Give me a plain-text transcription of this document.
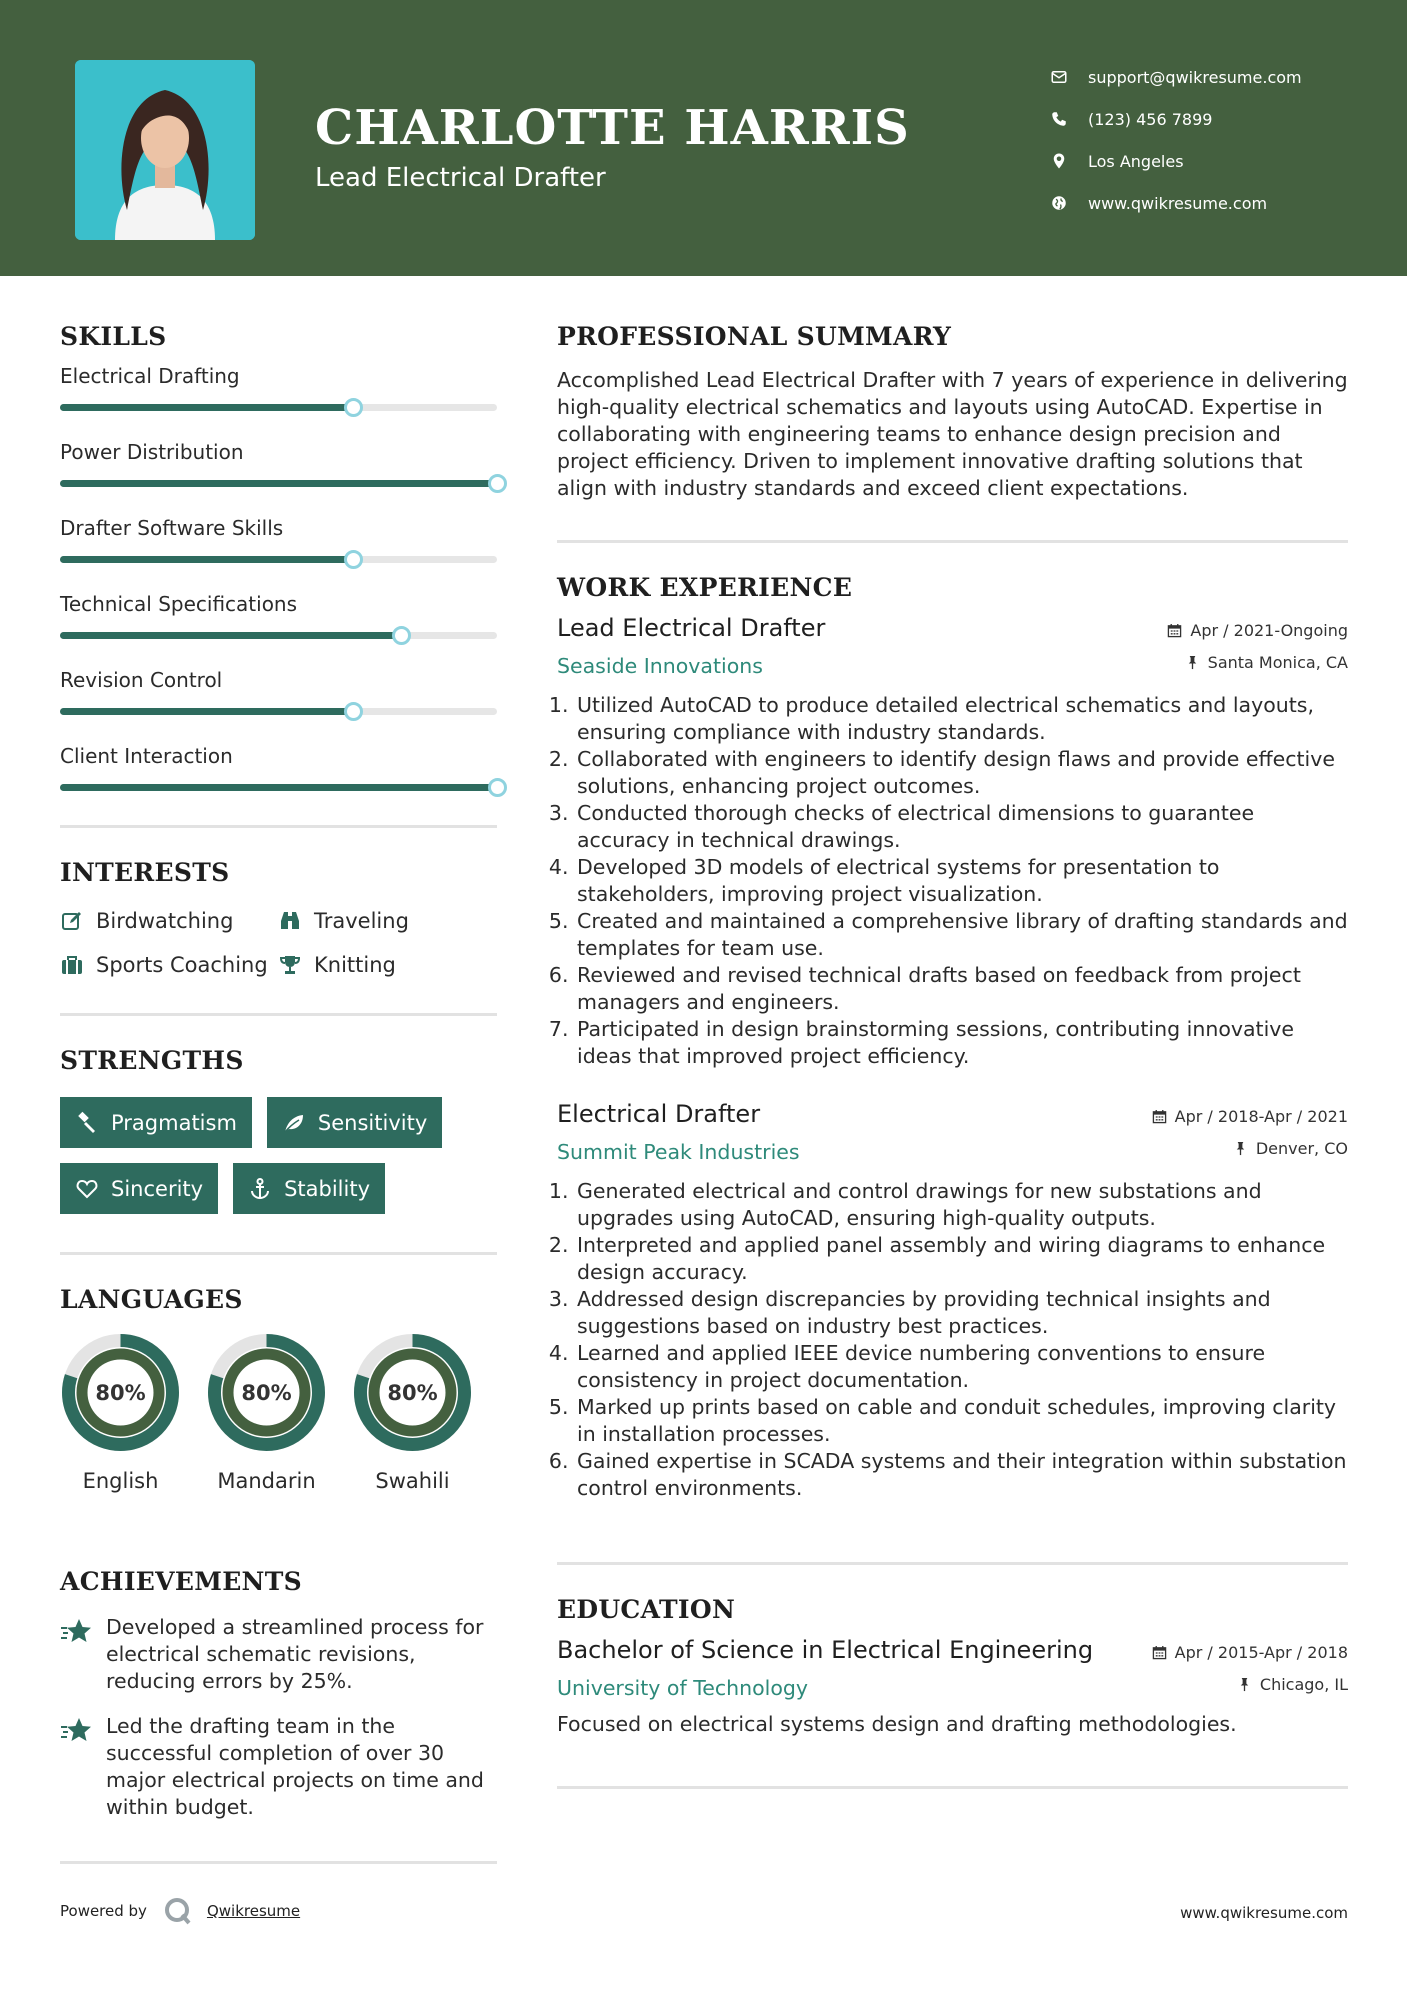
CHARLOTTE HARRIS
Lead Electrical Drafter
support@qwikresume.com
(123) 456 7899
Los Angeles
www.qwikresume.com
SKILLS
Electrical Drafting
Power Distribution
Drafter Software Skills
Technical Specifications
Revision Control
Client Interaction
INTERESTS
Birdwatching	Traveling
Sports Coaching Knitting
STRENGTHS
Pragmatism	Sensitivity
Sincerity	Stability
LANGUAGES
80%
English
80%
Mandarin
80%
Swahili
ACHIEVEMENTS
Developed a streamlined process for electrical schematic revisions, reducing errors by 25%.
Led the drafting team in the successful completion of over 30 major electrical projects on time and within budget.
PROFESSIONAL SUMMARY
Accomplished Lead Electrical Drafter with 7 years of experience in delivering high-quality electrical schematics and layouts using AutoCAD. Expertise in collaborating with engineering teams to enhance design precision and project efficiency. Driven to implement innovative drafting solutions that align with industry standards and exceed client expectations.
WORK EXPERIENCE
Lead Electrical Drafter
Seaside Innovations
Apr / 2021-Ongoing
Santa Monica, CA
1. Utilized AutoCAD to produce detailed electrical schematics and layouts, ensuring compliance with industry standards.
2. Collaborated with engineers to identify design flaws and provide effective solutions, enhancing project outcomes.
3. Conducted thorough checks of electrical dimensions to guarantee accuracy in technical drawings.
4. Developed 3D models of electrical systems for presentation to stakeholders, improving project visualization.
5. Created and maintained a comprehensive library of drafting standards and templates for team use.
6. Reviewed and revised technical drafts based on feedback from project managers and engineers.
7. Participated in design brainstorming sessions, contributing innovative ideas that improved project efficiency.
Electrical Drafter
Summit Peak Industries
Apr / 2018-Apr / 2021
Denver, CO
1. Generated electrical and control drawings for new substations and upgrades using AutoCAD, ensuring high-quality outputs.
2. Interpreted and applied panel assembly and wiring diagrams to enhance design accuracy.
3. Addressed design discrepancies by providing technical insights and suggestions based on industry best practices.
4. Learned and applied IEEE device numbering conventions to ensure consistency in project documentation.
5. Marked up prints based on cable and conduit schedules, improving clarity in installation processes.
6. Gained expertise in SCADA systems and their integration within substation control environments.
EDUCATION
Bachelor of Science in Electrical Engineering
University of Technology
Apr / 2015-Apr / 2018
Chicago, IL
Focused on electrical systems design and drafting methodologies.
Powered by	Qwikresume	www.qwikresume.com
